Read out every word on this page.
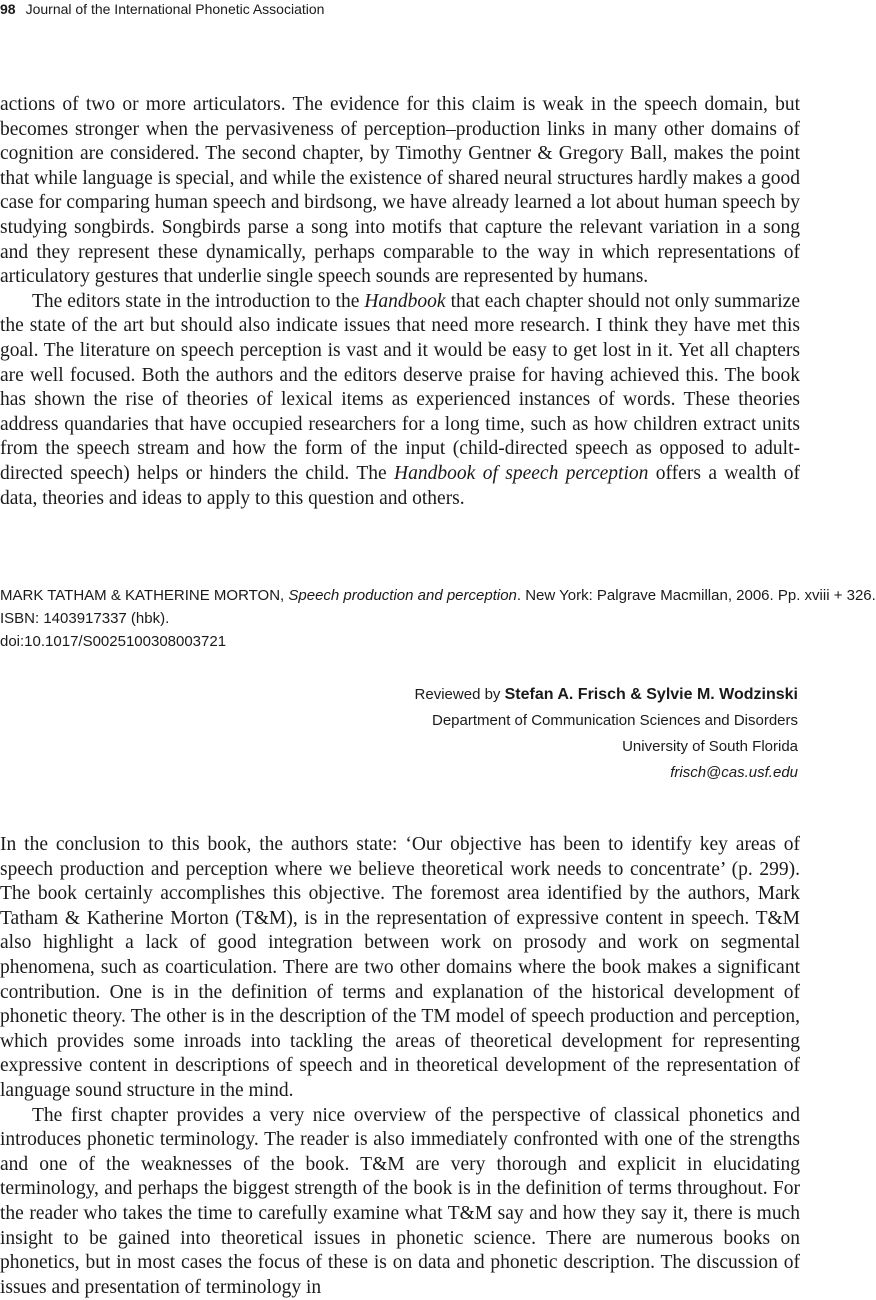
98 Journal of the International Phonetic Association

actions of two or more articulators. The evidence for this claim is weak in the speech domain, but becomes stronger when the pervasiveness of perception–production links in many other domains of cognition are considered. The second chapter, by Timothy Gentner & Gregory Ball, makes the point that while language is special, and while the existence of shared neural structures hardly makes a good case for comparing human speech and birdsong, we have already learned a lot about human speech by studying songbirds. Songbirds parse a song into motifs that capture the relevant variation in a song and they represent these dynamically, perhaps comparable to the way in which representations of articulatory gestures that underlie single speech sounds are represented by humans.

The editors state in the introduction to the Handbook that each chapter should not only summarize the state of the art but should also indicate issues that need more research. I think they have met this goal. The literature on speech perception is vast and it would be easy to get lost in it. Yet all chapters are well focused. Both the authors and the editors deserve praise for having achieved this. The book has shown the rise of theories of lexical items as experienced instances of words. These theories address quandaries that have occupied researchers for a long time, such as how children extract units from the speech stream and how the form of the input (child-directed speech as opposed to adult-directed speech) helps or hinders the child. The Handbook of speech perception offers a wealth of data, theories and ideas to apply to this question and others.

MARK TATHAM & KATHERINE MORTON, Speech production and perception. New York: Palgrave Macmillan, 2006. Pp. xviii + 326.
ISBN: 1403917337 (hbk).
doi:10.1017/S0025100308003721
Reviewed by Stefan A. Frisch & Sylvie M. Wodzinski
Department of Communication Sciences and Disorders
University of South Florida
frisch@cas.usf.edu

In the conclusion to this book, the authors state: ‘Our objective has been to identify key areas of speech production and perception where we believe theoretical work needs to concentrate’ (p. 299). The book certainly accomplishes this objective. The foremost area identified by the authors, Mark Tatham & Katherine Morton (T&M), is in the representation of expressive content in speech. T&M also highlight a lack of good integration between work on prosody and work on segmental phenomena, such as coarticulation. There are two other domains where the book makes a significant contribution. One is in the definition of terms and explanation of the historical development of phonetic theory. The other is in the description of the TM model of speech production and perception, which provides some inroads into tackling the areas of theoretical development for representing expressive content in descriptions of speech and in theoretical development of the representation of language sound structure in the mind.

The first chapter provides a very nice overview of the perspective of classical phonetics and introduces phonetic terminology. The reader is also immediately confronted with one of the strengths and one of the weaknesses of the book. T&M are very thorough and explicit in elucidating terminology, and perhaps the biggest strength of the book is in the definition of terms throughout. For the reader who takes the time to carefully examine what T&M say and how they say it, there is much insight to be gained into theoretical issues in phonetic science. There are numerous books on phonetics, but in most cases the focus of these is on data and phonetic description. The discussion of issues and presentation of terminology in
